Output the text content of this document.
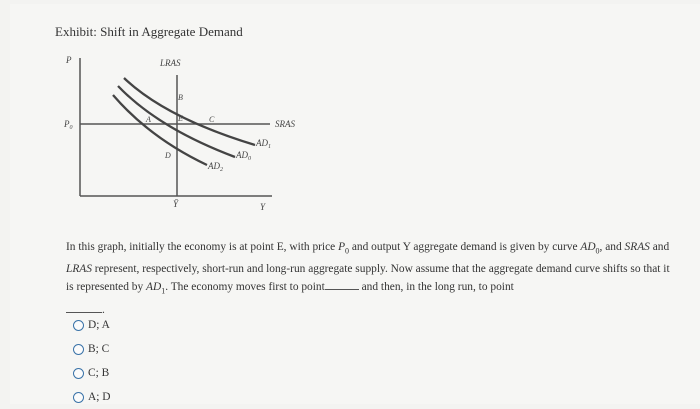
Exhibit: Shift in Aggregate Demand
P
Y
LRAS
$P_0$	SRAS
$AD_1$
$AD_0$
$AD_2$
A
B
E	C
D
Ȳ
In this graph, initially the economy is at point E, with price $P_0$ and output Y aggregate demand is given by curve $AD_0$, and SRAS and LRAS represent, respectively, short-run and long-run aggregate supply. Now assume that the aggregate demand curve shifts so that it is represented by $AD_1$. The economy moves first to point	and then, in the long run, to point
.
D; A
B; C
C; B
A; D
